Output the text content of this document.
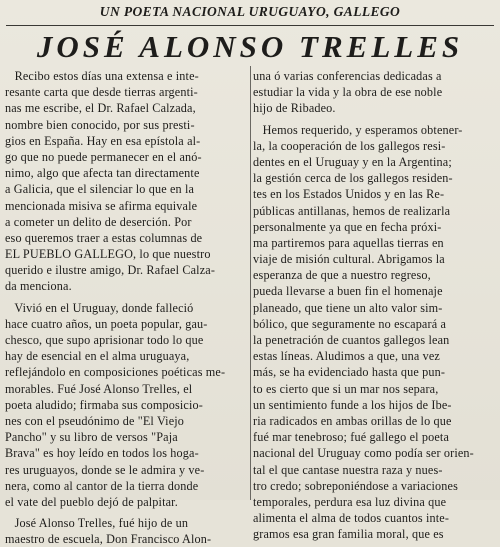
UN POETA NACIONAL URUGUAYO, GALLEGO
JOSÉ ALONSO TRELLES
Recibo estos días una extensa e inte-
resante carta que desde tierras argenti-
nas me escribe, el Dr. Rafael Calzada,
nombre bien conocido, por sus presti-
gios en España. Hay en esa epístola al-
go que no puede permanecer en el anó-
nimo, algo que afecta tan directamente
a Galicia, que el silenciar lo que en la
mencionada misiva se afirma equivale
a cometer un delito de deserción. Por
eso queremos traer a estas columnas de
EL PUEBLO GALLEGO, lo que nuestro
querido e ilustre amigo, Dr. Rafael Calza-
da menciona.
Vivió en el Uruguay, donde falleció
hace cuatro años, un poeta popular, gau-
chesco, que supo aprisionar todo lo que
hay de esencial en el alma uruguaya,
reflejándolo en composiciones poéticas me-
morables. Fué José Alonso Trelles, el
poeta aludido; firmaba sus composicio-
nes con el pseudónimo de "El Viejo
Pancho" y su libro de versos "Paja
Brava" es hoy leído en todos los hoga-
res uruguayos, donde se le admira y ve-
nera, como al cantor de la tierra donde
el vate del pueblo dejó de palpitar.
José Alonso Trelles, fué hijo de un
maestro de escuela, Don Francisco Alon-
una ó varias conferencias dedicadas a
estudiar la vida y la obra de ese noble
hijo de Ribadeo.
Hemos requerido, y esperamos obtener-
la, la cooperación de los gallegos resi-
dentes en el Uruguay y en la Argentina;
la gestión cerca de los gallegos residen-
tes en los Estados Unidos y en las Re-
públicas antillanas, hemos de realizarla
personalmente ya que en fecha próxi-
ma partiremos para aquellas tierras en
viaje de misión cultural. Abrigamos la
esperanza de que a nuestro regreso,
pueda llevarse a buen fin el homenaje
planeado, que tiene un alto valor sim-
bólico, que seguramente no escapará a
la penetración de cuantos gallegos lean
estas líneas. Aludimos a que, una vez
más, se ha evidenciado hasta que pun-
to es cierto que si un mar nos separa,
un sentimiento funde a los hijos de Ibe-
ria radicados en ambas orillas de lo que
fué mar tenebroso; fué gallego el poeta
nacional del Uruguay como podía ser orien-
tal el que cantase nuestra raza y nues-
tro credo; sobreponiéndose a variaciones
temporales, perdura esa luz divina que
alimenta el alma de todos cuantos inte-
gramos esa gran familia moral, que es
